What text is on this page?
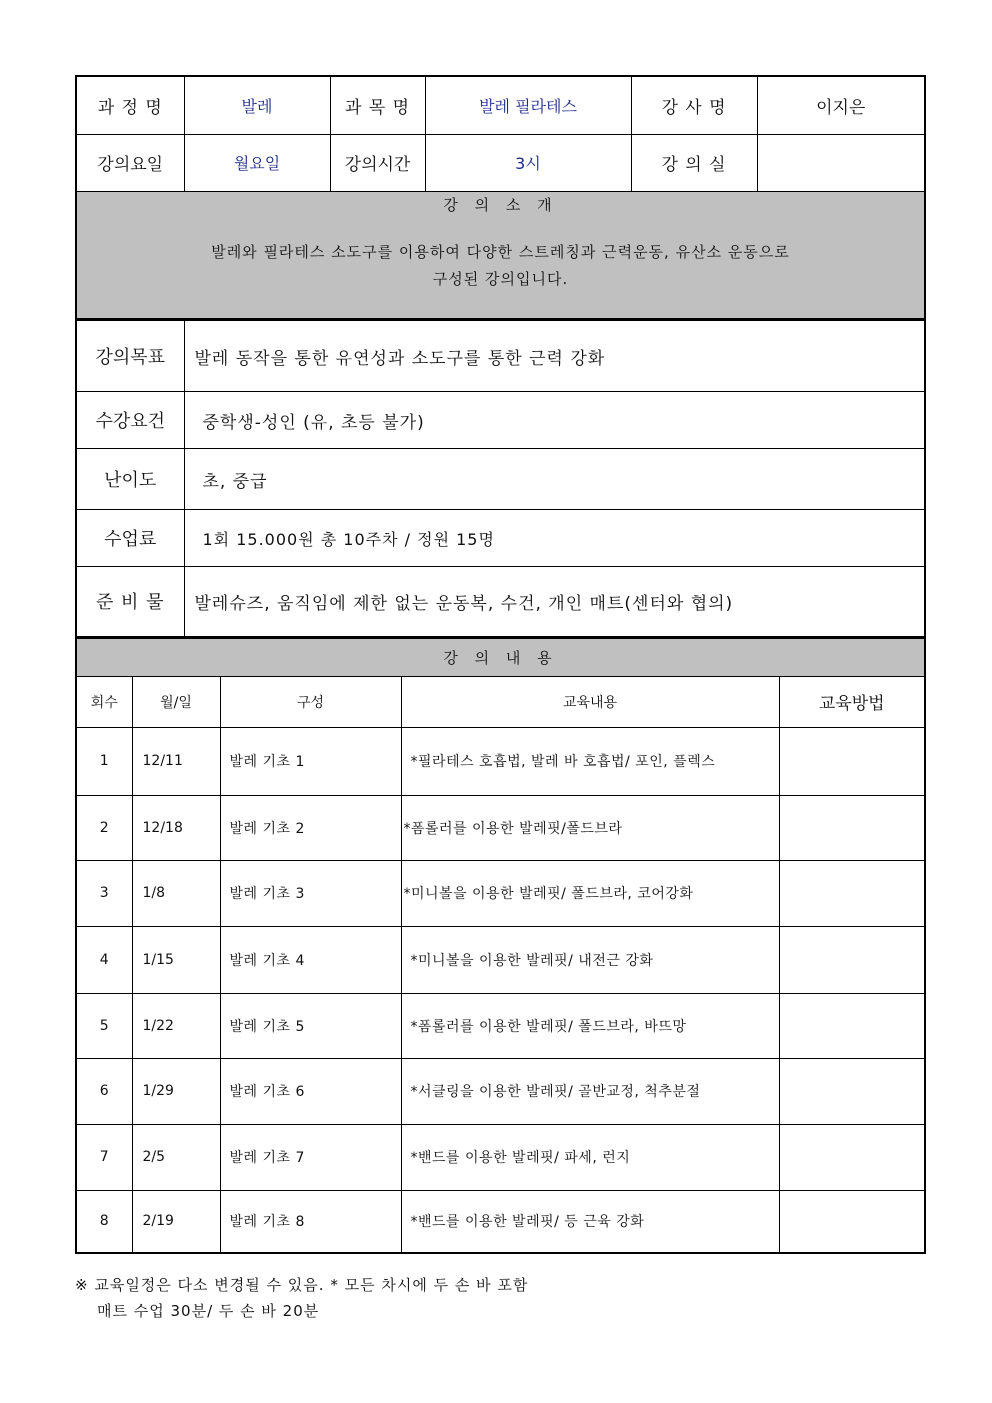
과 정 명	발레	과 목 명	발레 필라테스	강 사 명	이지은
강의요일	월요일	강의시간	3시	강 의 실	

강 의 소 개
발레와 필라테스 소도구를 이용하여 다양한 스트레칭과 근력운동, 유산소 운동으로
구성된 강의입니다.					
강의목표	발레 동작을 통한 유연성과 소도구를 통한 근력 강화
수강요건	중학생-성인 (유, 초등 불가)
난이도	초, 중급
수업료	1회 15.000원 총 10주차 / 정원 15명
준 비 물	발레슈즈, 움직임에 제한 없는 운동복, 수건, 개인 매트(센터와 협의)
강 의 내 용				
회수	월/일	구성	교육내용	교육방법
1	12/11	발레 기초 1	*필라테스 호흡법, 발레 바 호흡법/ 포인, 플렉스	
2	12/18	발레 기초 2	*폼롤러를 이용한 발레핏/폴드브라	
3	1/8	발레 기초 3	*미니볼을 이용한 발레핏/ 폴드브라, 코어강화	
4	1/15	발레 기초 4	*미니볼을 이용한 발레핏/ 내전근 강화	
5	1/22	발레 기초 5	*폼롤러를 이용한 발레핏/ 폴드브라, 바뜨망	
6	1/29	발레 기초 6	*서클링을 이용한 발레핏/ 골반교정, 척추분절	
7	2/5	발레 기초 7	*밴드를 이용한 발레핏/ 파세, 런지	
8	2/19	발레 기초 8	*밴드를 이용한 발레핏/ 등 근육 강화	
※ 교육일정은 다소 변경될 수 있음. * 모든 차시에 두 손 바 포함
매트 수업 30분/ 두 손 바 20분
